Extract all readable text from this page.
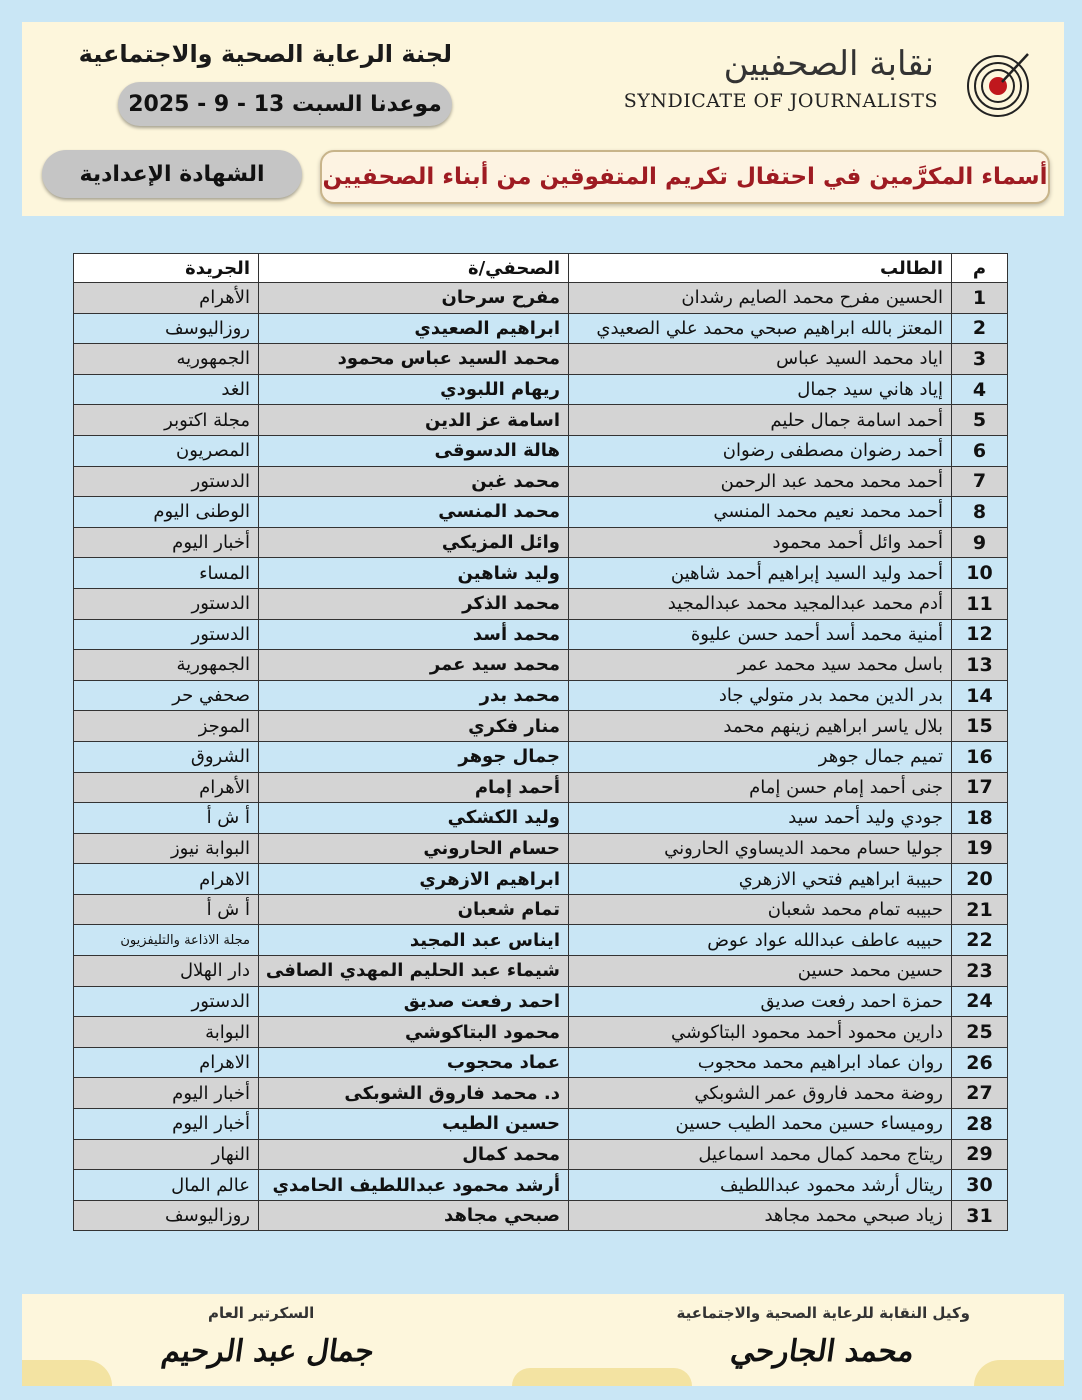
لجنة الرعاية الصحية والاجتماعية
موعدنا السبت 13 - 9 - 2025
نقابة الصحفيين
SYNDICATE OF JOURNALISTS
الشهادة الإعدادية	أسماء المكرَّمين في احتفال تكريم المتفوقين من أبناء الصحفيين
م	الطالب	الصحفي/ة	الجريدة
1	الحسين مفرح محمد الصايم رشدان	مفرح سرحان	الأهرام
2	المعتز بالله ابراهيم صبحي محمد علي الصعيدي	ابراهيم الصعيدي	روزاليوسف
3	اياد محمد السيد عباس	محمد السيد عباس محمود	الجمهوريه
4	إياد هاني سيد جمال	ريهام اللبودي	الغد
5	أحمد اسامة جمال حليم	اسامة عز الدين	مجلة اكتوبر
6	أحمد رضوان مصطفى رضوان	هالة الدسوقى	المصريون
7	أحمد محمد محمد عبد الرحمن	محمد غبن	الدستور
8	أحمد محمد نعيم محمد المنسي	محمد المنسي	الوطنى اليوم
9	أحمد وائل أحمد محمود	وائل المزيكي	أخبار اليوم
10	أحمد وليد السيد إبراهيم أحمد شاهين	وليد شاهين	المساء
11	أدم محمد عبدالمجيد محمد عبدالمجيد	محمد الذكر	الدستور
12	أمنية محمد أسد أحمد حسن عليوة	محمد أسد	الدستور
13	باسل محمد سيد محمد عمر	محمد سيد عمر	الجمهورية
14	بدر الدين محمد بدر متولي جاد	محمد بدر	صحفي حر
15	بلال ياسر ابراهيم زينهم محمد	منار فكري	الموجز
16	تميم جمال جوهر	جمال جوهر	الشروق
17	جنى أحمد إمام حسن إمام	أحمد إمام	الأهرام
18	جودي وليد أحمد سيد	وليد الكشكي	أ ش أ
19	جوليا حسام محمد الديساوي الحاروني	حسام الحاروني	البوابة نيوز
20	حبيبة ابراهيم فتحي الازهري	ابراهيم الازهري	الاهرام
21	حبيبه تمام محمد شعبان	تمام شعبان	أ ش أ
22	حبيبه عاطف عبدالله عواد عوض	ايناس عبد المجيد	مجلة الاذاعة والتليفزيون
23	حسين محمد حسين	شيماء عبد الحليم المهدي الصافى	دار الهلال
24	حمزة احمد رفعت صديق	احمد رفعت صديق	الدستور
25	دارين محمود أحمد محمود البتاكوشي	محمود البتاكوشي	البوابة
26	روان عماد ابراهيم محمد محجوب	عماد محجوب	الاهرام
27	روضة محمد فاروق عمر الشوبكي	د. محمد فاروق الشوبكى	أخبار اليوم
28	روميساء حسين محمد الطيب حسين	حسين الطيب	أخبار اليوم
29	ريتاج محمد كمال محمد اسماعيل	محمد كمال	النهار
30	ريتال أرشد محمود عبداللطيف	أرشد محمود عبداللطيف الحامدي	عالم المال
31	زياد صبحي محمد مجاهد	صبحي مجاهد	روزاليوسف
السكرتير العام
جمال عبد الرحيم
وكيل النقابة للرعاية الصحية والاجتماعية
محمد الجارحي
